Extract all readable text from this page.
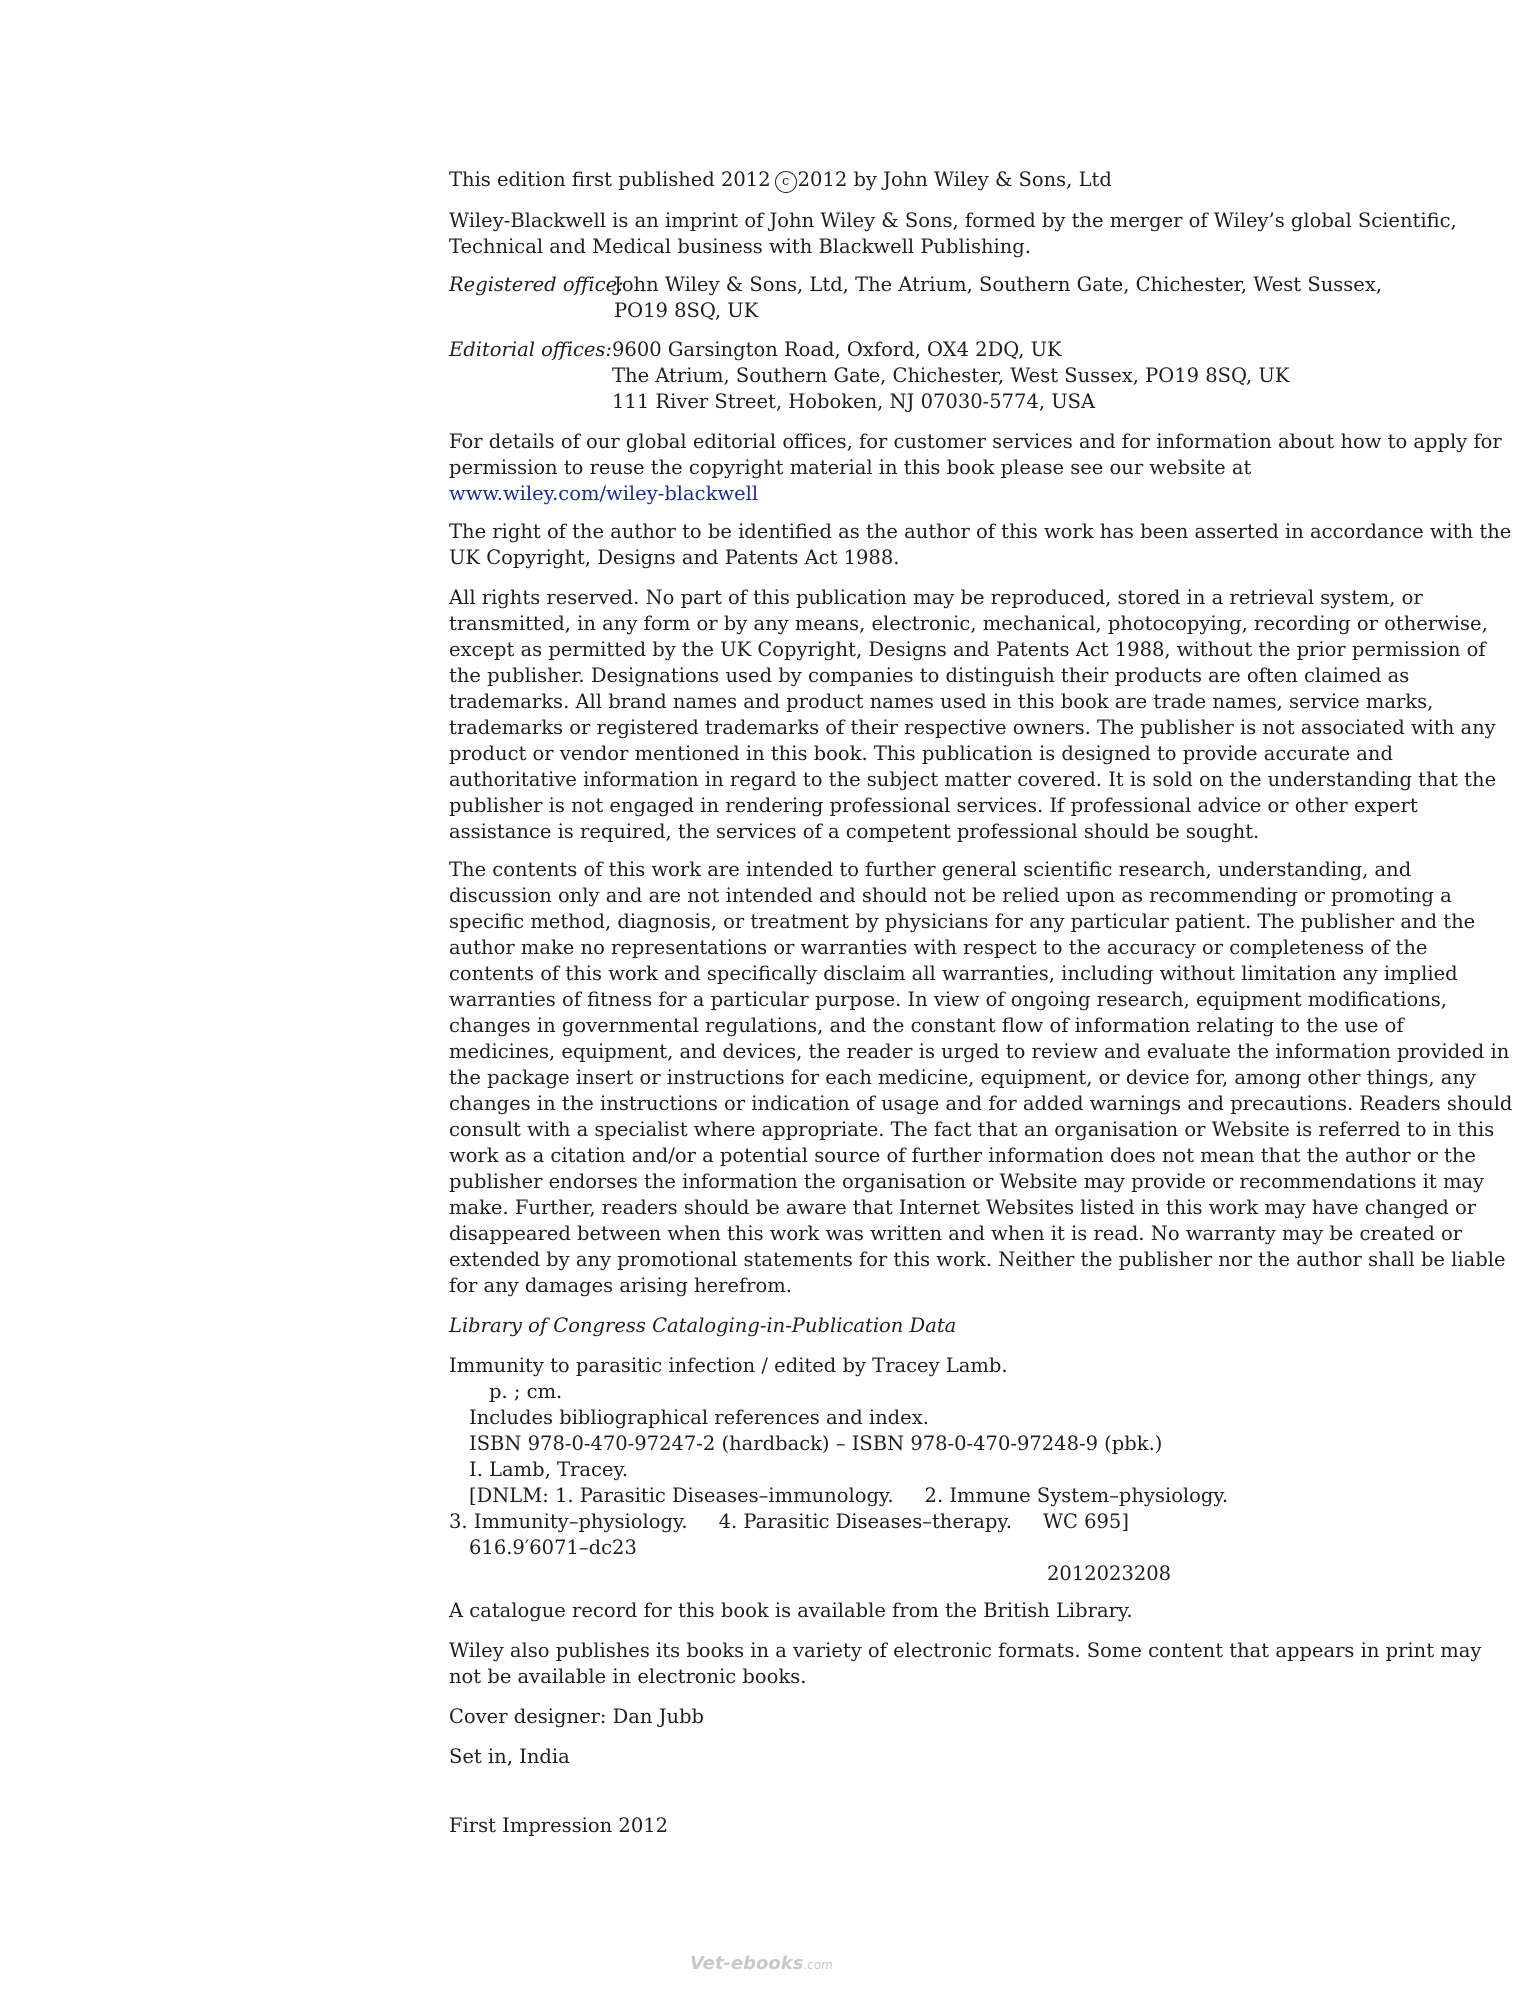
This edition first published 2012 c 2012 by John Wiley & Sons, Ltd

Wiley-Blackwell is an imprint of John Wiley & Sons, formed by the merger of Wiley’s global Scientific,
Technical and Medical business with Blackwell Publishing.

Registered office:
John Wiley & Sons, Ltd, The Atrium, Southern Gate, Chichester, West Sussex,
PO19 8SQ, UK
Editorial offices: 9600 Garsington Road, Oxford, OX4 2DQ, UK
The Atrium, Southern Gate, Chichester, West Sussex, PO19 8SQ, UK
111 River Street, Hoboken, NJ 07030-5774, USA

For details of our global editorial offices, for customer services and for information about how to apply for
permission to reuse the copyright material in this book please see our website at
www.wiley.com/wiley-blackwell

The right of the author to be identified as the author of this work has been asserted in accordance with the
UK Copyright, Designs and Patents Act 1988.

All rights reserved. No part of this publication may be reproduced, stored in a retrieval system, or
transmitted, in any form or by any means, electronic, mechanical, photocopying, recording or otherwise,
except as permitted by the UK Copyright, Designs and Patents Act 1988, without the prior permission of
the publisher. Designations used by companies to distinguish their products are often claimed as
trademarks. All brand names and product names used in this book are trade names, service marks,
trademarks or registered trademarks of their respective owners. The publisher is not associated with any
product or vendor mentioned in this book. This publication is designed to provide accurate and
authoritative information in regard to the subject matter covered. It is sold on the understanding that the
publisher is not engaged in rendering professional services. If professional advice or other expert
assistance is required, the services of a competent professional should be sought.

The contents of this work are intended to further general scientific research, understanding, and
discussion only and are not intended and should not be relied upon as recommending or promoting a
specific method, diagnosis, or treatment by physicians for any particular patient. The publisher and the
author make no representations or warranties with respect to the accuracy or completeness of the
contents of this work and specifically disclaim all warranties, including without limitation any implied
warranties of fitness for a particular purpose. In view of ongoing research, equipment modifications,
changes in governmental regulations, and the constant flow of information relating to the use of
medicines, equipment, and devices, the reader is urged to review and evaluate the information provided in
the package insert or instructions for each medicine, equipment, or device for, among other things, any
changes in the instructions or indication of usage and for added warnings and precautions. Readers should
consult with a specialist where appropriate. The fact that an organisation or Website is referred to in this
work as a citation and/or a potential source of further information does not mean that the author or the
publisher endorses the information the organisation or Website may provide or recommendations it may
make. Further, readers should be aware that Internet Websites listed in this work may have changed or
disappeared between when this work was written and when it is read. No warranty may be created or
extended by any promotional statements for this work. Neither the publisher nor the author shall be liable
for any damages arising herefrom.

Library of Congress Cataloging-in-Publication Data

Immunity to parasitic infection / edited by Tracey Lamb.
p. ; cm.
Includes bibliographical references and index.
ISBN 978-0-470-97247-2 (hardback) – ISBN 978-0-470-97248-9 (pbk.)
I. Lamb, Tracey.
[DNLM: 1. Parasitic Diseases–immunology.     2. Immune System–physiology.
3. Immunity–physiology.     4. Parasitic Diseases–therapy.     WC 695]
616.9′6071–dc23
2012023208

A catalogue record for this book is available from the British Library.

Wiley also publishes its books in a variety of electronic formats. Some content that appears in print may
not be available in electronic books.

Cover designer: Dan Jubb

Set in, India

First Impression 2012

Vet-ebooks.com
